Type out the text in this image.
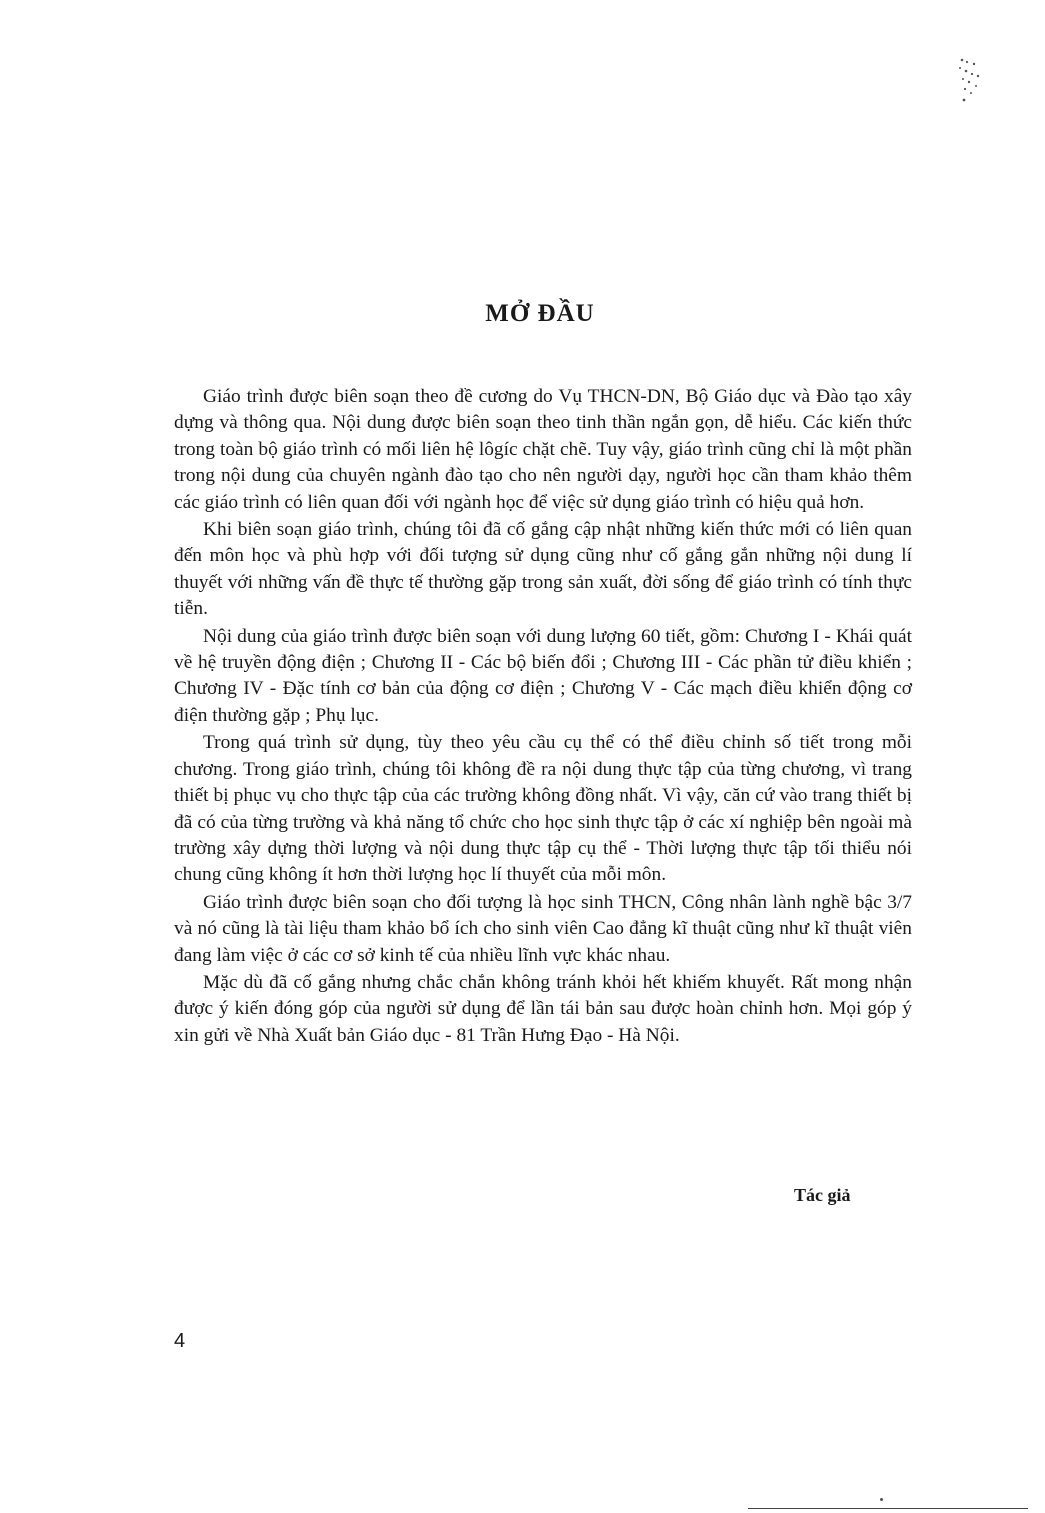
MỞ ĐẦU

Giáo trình được biên soạn theo đề cương do Vụ THCN-DN, Bộ Giáo dục và Đào tạo xây dựng và thông qua. Nội dung được biên soạn theo tinh thần ngắn gọn, dễ hiểu. Các kiến thức trong toàn bộ giáo trình có mối liên hệ lôgíc chặt chẽ. Tuy vậy, giáo trình cũng chỉ là một phần trong nội dung của chuyên ngành đào tạo cho nên người dạy, người học cần tham khảo thêm các giáo trình có liên quan đối với ngành học để việc sử dụng giáo trình có hiệu quả hơn.

Khi biên soạn giáo trình, chúng tôi đã cố gắng cập nhật những kiến thức mới có liên quan đến môn học và phù hợp với đối tượng sử dụng cũng như cố gắng gắn những nội dung lí thuyết với những vấn đề thực tế thường gặp trong sản xuất, đời sống để giáo trình có tính thực tiễn.

Nội dung của giáo trình được biên soạn với dung lượng 60 tiết, gồm: Chương I - Khái quát về hệ truyền động điện ; Chương II - Các bộ biến đổi ; Chương III - Các phần tử điều khiển ; Chương IV - Đặc tính cơ bản của động cơ điện ; Chương V - Các mạch điều khiển động cơ điện thường gặp ; Phụ lục.

Trong quá trình sử dụng, tùy theo yêu cầu cụ thể có thể điều chỉnh số tiết trong mỗi chương. Trong giáo trình, chúng tôi không đề ra nội dung thực tập của từng chương, vì trang thiết bị phục vụ cho thực tập của các trường không đồng nhất. Vì vậy, căn cứ vào trang thiết bị đã có của từng trường và khả năng tổ chức cho học sinh thực tập ở các xí nghiệp bên ngoài mà trường xây dựng thời lượng và nội dung thực tập cụ thể - Thời lượng thực tập tối thiểu nói chung cũng không ít hơn thời lượng học lí thuyết của mỗi môn.

Giáo trình được biên soạn cho đối tượng là học sinh THCN, Công nhân lành nghề bậc 3/7 và nó cũng là tài liệu tham khảo bổ ích cho sinh viên Cao đẳng kĩ thuật cũng như kĩ thuật viên đang làm việc ở các cơ sở kinh tế của nhiều lĩnh vực khác nhau.

Mặc dù đã cố gắng nhưng chắc chắn không tránh khỏi hết khiếm khuyết. Rất mong nhận được ý kiến đóng góp của người sử dụng để lần tái bản sau được hoàn chỉnh hơn. Mọi góp ý xin gửi về Nhà Xuất bản Giáo dục - 81 Trần Hưng Đạo - Hà Nội.

Tác giả

4
